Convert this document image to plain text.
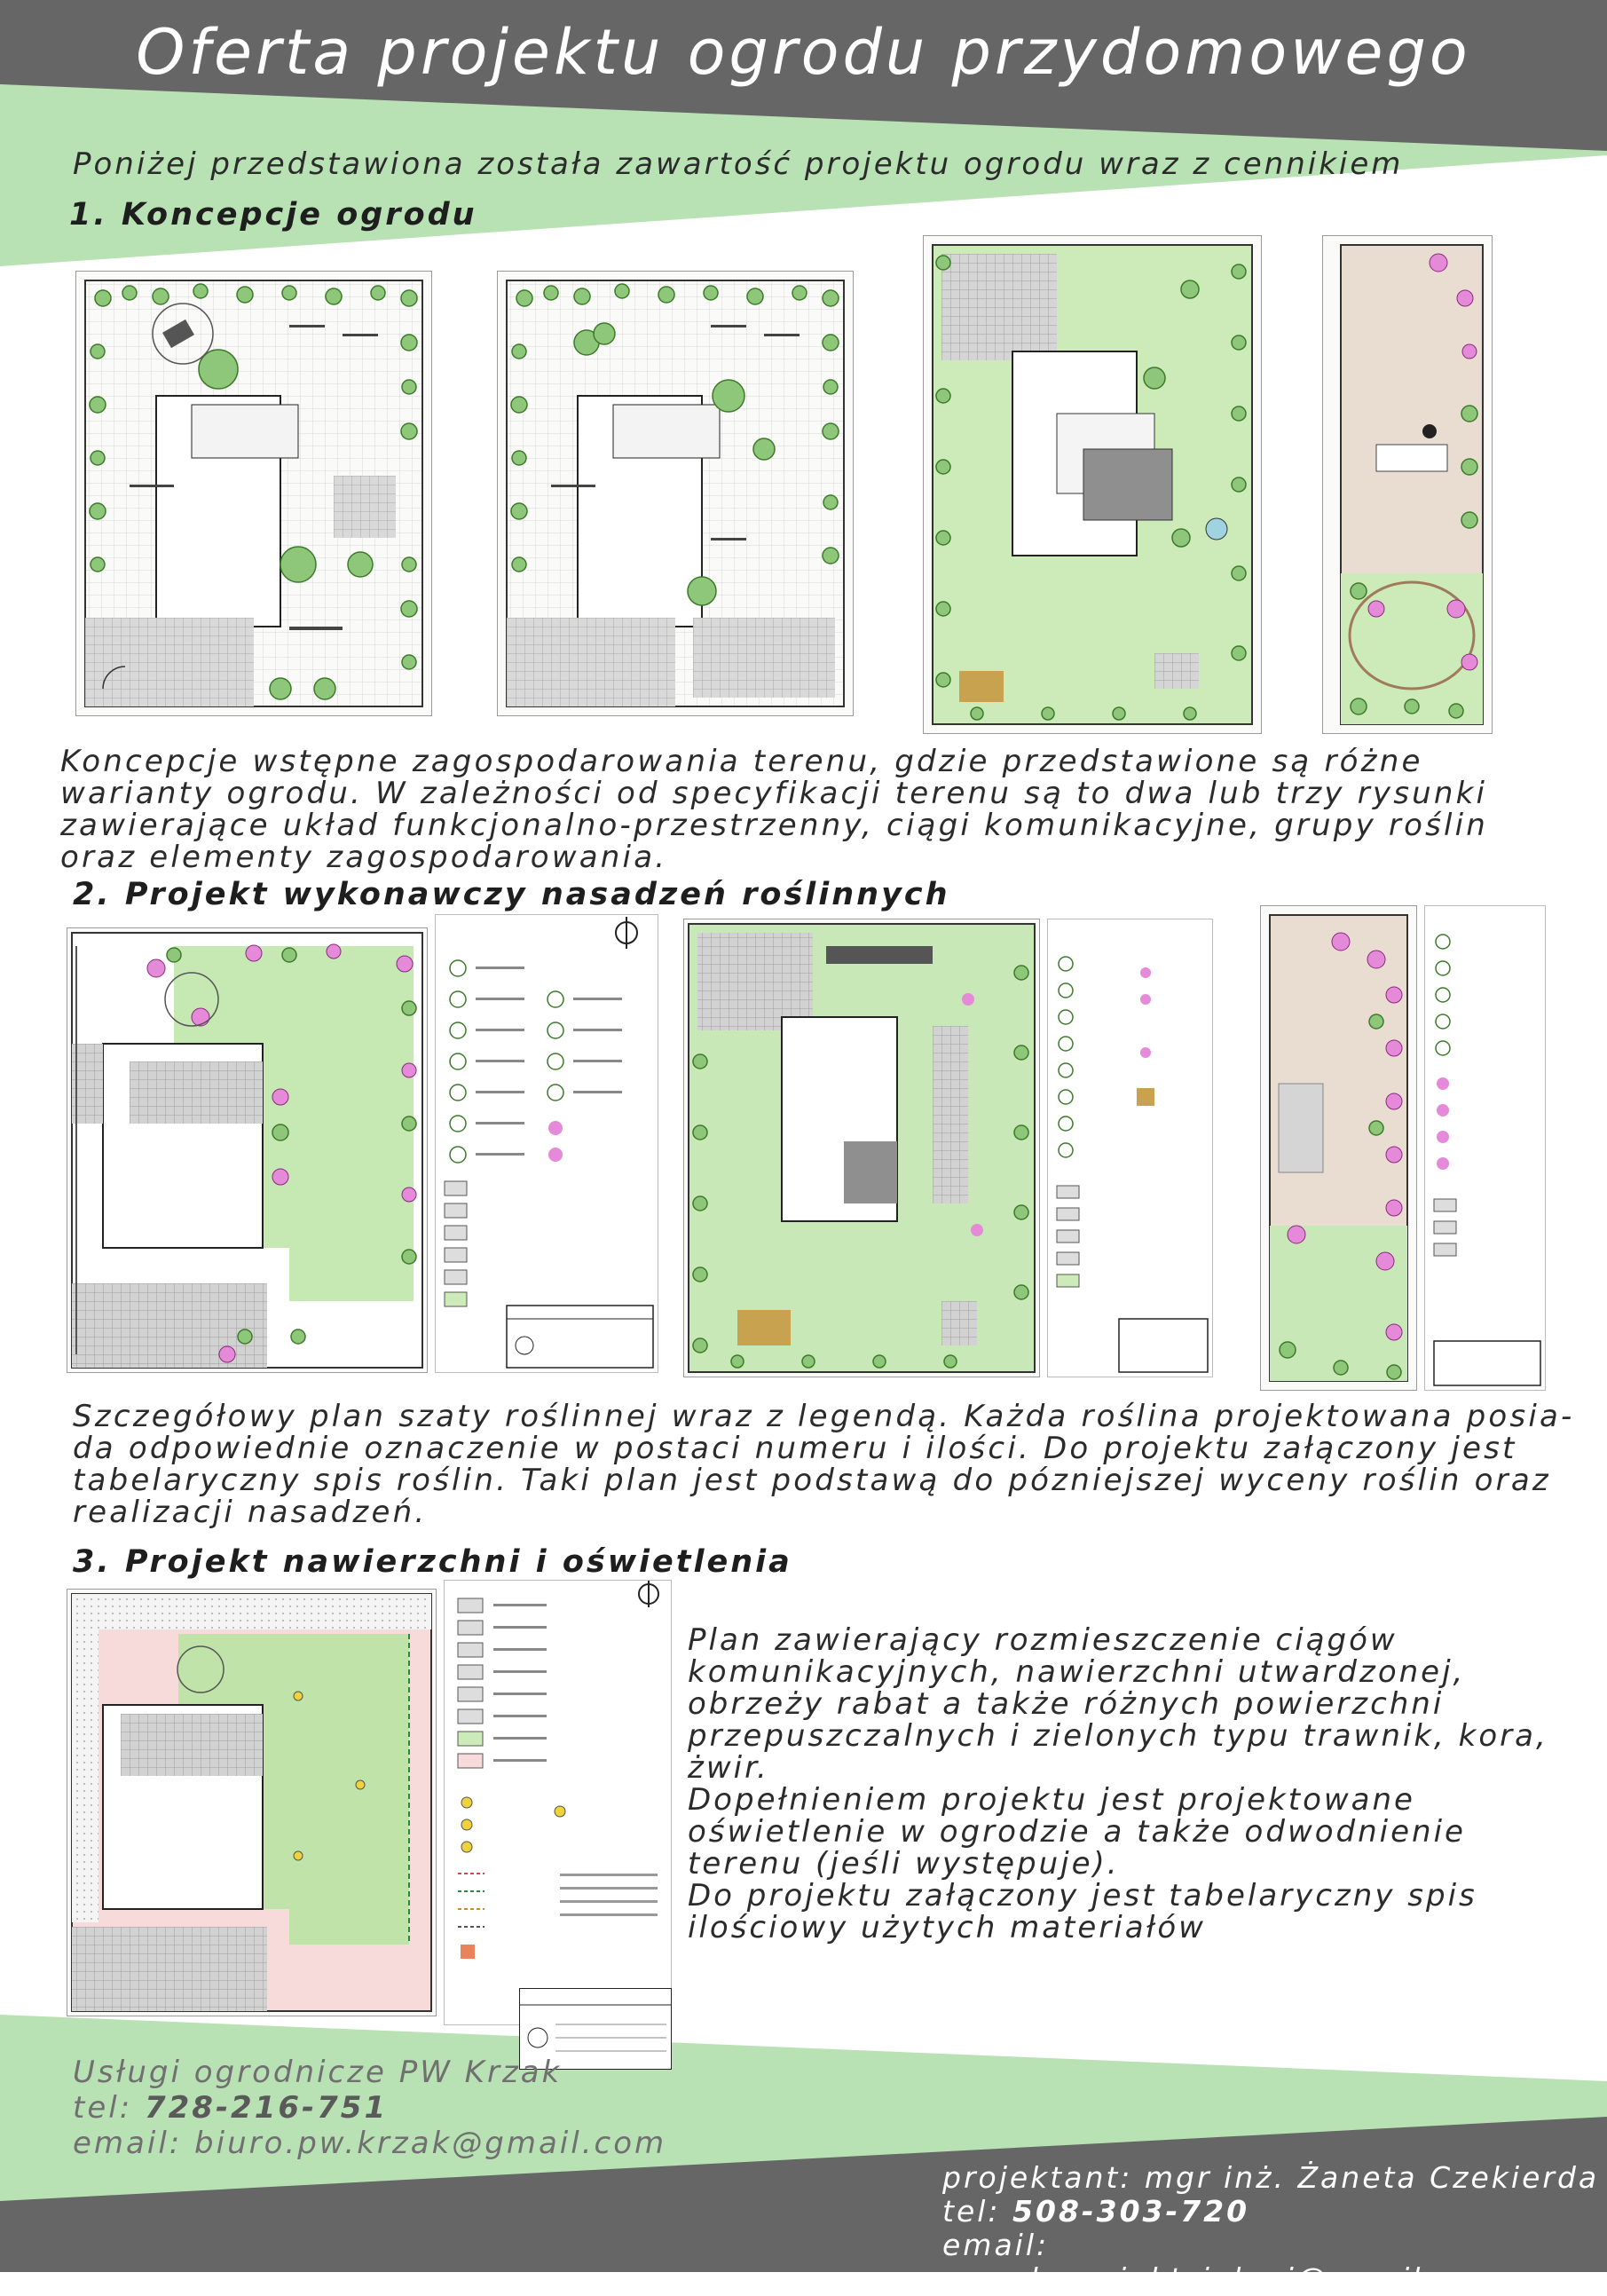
Oferta projektu ogrodu przydomowego
Poniżej przedstawiona została zawartość projektu ogrodu wraz z cennikiem
1. Koncepcje ogrodu
Koncepcje wstępne zagospodarowania terenu, gdzie przedstawione są różne
warianty ogrodu. W zależności od specyfikacji terenu są to dwa lub trzy rysunki
zawierające układ funkcjonalno-przestrzenny, ciągi komunikacyjne, grupy roślin
oraz elementy zagospodarowania.
2. Projekt wykonawczy nasadzeń roślinnych
Szczegółowy plan szaty roślinnej wraz z legendą. Każda roślina projektowana posia-
da odpowiednie oznaczenie w postaci numeru i ilości. Do projektu załączony jest
tabelaryczny spis roślin. Taki plan jest podstawą do pózniejszej wyceny roślin oraz
realizacji nasadzeń.
3. Projekt nawierzchni i oświetlenia
Plan zawierający rozmieszczenie ciągów
komunikacyjnych, nawierzchni utwardzonej,
obrzeży rabat a także różnych powierzchni
przepuszczalnych i zielonych typu trawnik, kora,
żwir.
Dopełnieniem projektu jest projektowane
oświetlenie w ogrodzie a także odwodnienie
terenu (jeśli występuje).
Do projektu załączony jest tabelaryczny spis
ilościowy użytych materiałów
Usługi ogrodnicze PW Krzak
tel: 728-216-751
email: biuro.pw.krzak@gmail.com
projektant: mgr inż. Żaneta Czekierda
tel: 508-303-720
email: z.czek.projektzieleni@gmail.com
